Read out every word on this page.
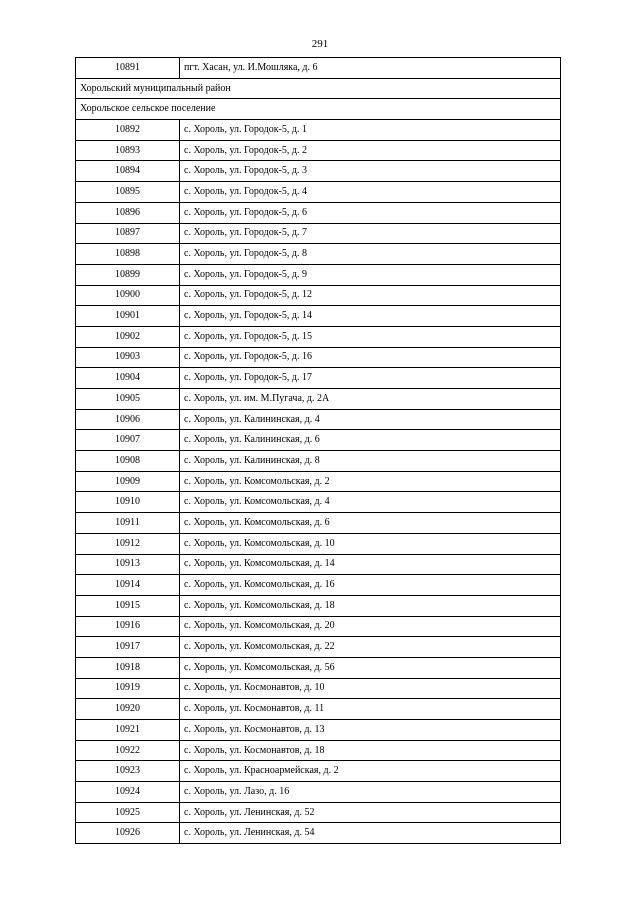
291
10891	пгт. Хасан, ул. И.Мошляка, д. 6
Хорольский муниципальный район	
Хорольское сельское поселение	
10892	с. Хороль, ул. Городок-5, д. 1
10893	с. Хороль, ул. Городок-5, д. 2
10894	с. Хороль, ул. Городок-5, д. 3
10895	с. Хороль, ул. Городок-5, д. 4
10896	с. Хороль, ул. Городок-5, д. 6
10897	с. Хороль, ул. Городок-5, д. 7
10898	с. Хороль, ул. Городок-5, д. 8
10899	с. Хороль, ул. Городок-5, д. 9
10900	с. Хороль, ул. Городок-5, д. 12
10901	с. Хороль, ул. Городок-5, д. 14
10902	с. Хороль, ул. Городок-5, д. 15
10903	с. Хороль, ул. Городок-5, д. 16
10904	с. Хороль, ул. Городок-5, д. 17
10905	с. Хороль, ул. им. М.Пугача, д. 2А
10906	с. Хороль, ул. Калининская, д. 4
10907	с. Хороль, ул. Калининская, д. 6
10908	с. Хороль, ул. Калининская, д. 8
10909	с. Хороль, ул. Комсомольская, д. 2
10910	с. Хороль, ул. Комсомольская, д. 4
10911	с. Хороль, ул. Комсомольская, д. 6
10912	с. Хороль, ул. Комсомольская, д. 10
10913	с. Хороль, ул. Комсомольская, д. 14
10914	с. Хороль, ул. Комсомольская, д. 16
10915	с. Хороль, ул. Комсомольская, д. 18
10916	с. Хороль, ул. Комсомольская, д. 20
10917	с. Хороль, ул. Комсомольская, д. 22
10918	с. Хороль, ул. Комсомольская, д. 56
10919	с. Хороль, ул. Космонавтов, д. 10
10920	с. Хороль, ул. Космонавтов, д. 11
10921	с. Хороль, ул. Космонавтов, д. 13
10922	с. Хороль, ул. Космонавтов, д. 18
10923	с. Хороль, ул. Красноармейская, д. 2
10924	с. Хороль, ул. Лазо, д. 16
10925	с. Хороль, ул. Ленинская, д. 52
10926	с. Хороль, ул. Ленинская, д. 54
